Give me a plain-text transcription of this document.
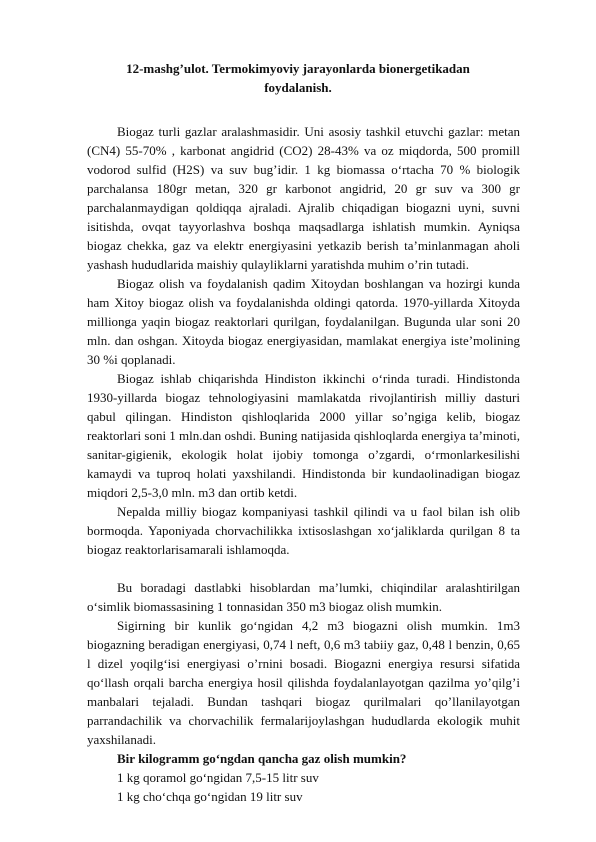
12-mashg’ulot. Termokimyoviy jarayonlarda bionergetikadan
foydalanish.

Biogaz turli gazlar aralashmasidir. Uni asosiy tashkil etuvchi gazlar: metan (CN4) 55-70% , karbonat angidrid (CO2) 28-43% va oz miqdorda, 500 promill vodorod sulfid (H2S) va suv bug’idir. 1 kg biomassa o‘rtacha 70 % biologik parchalansa 180gr metan, 320 gr karbonot angidrid, 20 gr suv va 300 gr parchalanmaydigan qoldiqqa ajraladi. Ajralib chiqadigan biogazni uyni, suvni isitishda, ovqat tayyorlashva boshqa maqsadlarga ishlatish mumkin. Ayniqsa biogaz chekka, gaz va elektr energiyasini yetkazib berish ta’minlanmagan aholi yashash hududlarida maishiy qulayliklarni yaratishda muhim o’rin tutadi.

Biogaz olish va foydalanish qadim Xitoydan boshlangan va hozirgi kunda ham Xitoy biogaz olish va foydalanishda oldingi qatorda. 1970-yillarda Xitoyda millionga yaqin biogaz reaktorlari qurilgan, foydalanilgan. Bugunda ular soni 20 mln. dan oshgan. Xitoyda biogaz energiyasidan, mamlakat energiya iste’molining 30 %i qoplanadi.

Biogaz ishlab chiqarishda Hindiston ikkinchi o‘rinda turadi. Hindistonda 1930-yillarda biogaz tehnologiyasini mamlakatda rivojlantirish milliy dasturi qabul qilingan. Hindiston qishloqlarida 2000 yillar so’ngiga kelib, biogaz reaktorlari soni 1 mln.dan oshdi. Buning natijasida qishloqlarda energiya ta’minoti, sanitar-gigienik, ekologik holat ijobiy tomonga o’zgardi, o‘rmonlarkesilishi kamaydi va tuproq holati yaxshilandi. Hindistonda bir kundaolinadigan biogaz miqdori 2,5-3,0 mln. m3 dan ortib ketdi.

Nepalda milliy biogaz kompaniyasi tashkil qilindi va u faol bilan ish olib bormoqda. Yaponiyada chorvachilikka ixtisoslashgan xo‘jaliklarda qurilgan 8 ta biogaz reaktorlarisamarali ishlamoqda.

Bu boradagi dastlabki hisoblardan ma’lumki, chiqindilar aralashtirilgan o‘simlik biomassasining 1 tonnasidan 350 m3 biogaz olish mumkin.

Sigirning bir kunlik go‘ngidan 4,2 m3 biogazni olish mumkin. 1m3 biogazning beradigan energiyasi, 0,74 l neft, 0,6 m3 tabiiy gaz, 0,48 l benzin, 0,65 l dizel yoqilg‘isi energiyasi o’rnini bosadi. Biogazni energiya resursi sifatida qo‘llash orqali barcha energiya hosil qilishda foydalanlayotgan qazilma yo’qilg’i manbalari tejaladi. Bundan tashqari biogaz qurilmalari qo’llanilayotgan parrandachilik va chorvachilik fermalarijoylashgan hududlarda ekologik muhit yaxshilanadi.

Bir kilogramm go‘ngdan qancha gaz olish mumkin?

1 kg qoramol go‘ngidan 7,5-15 litr suv

1 kg cho‘chqa go‘ngidan 19 litr suv
